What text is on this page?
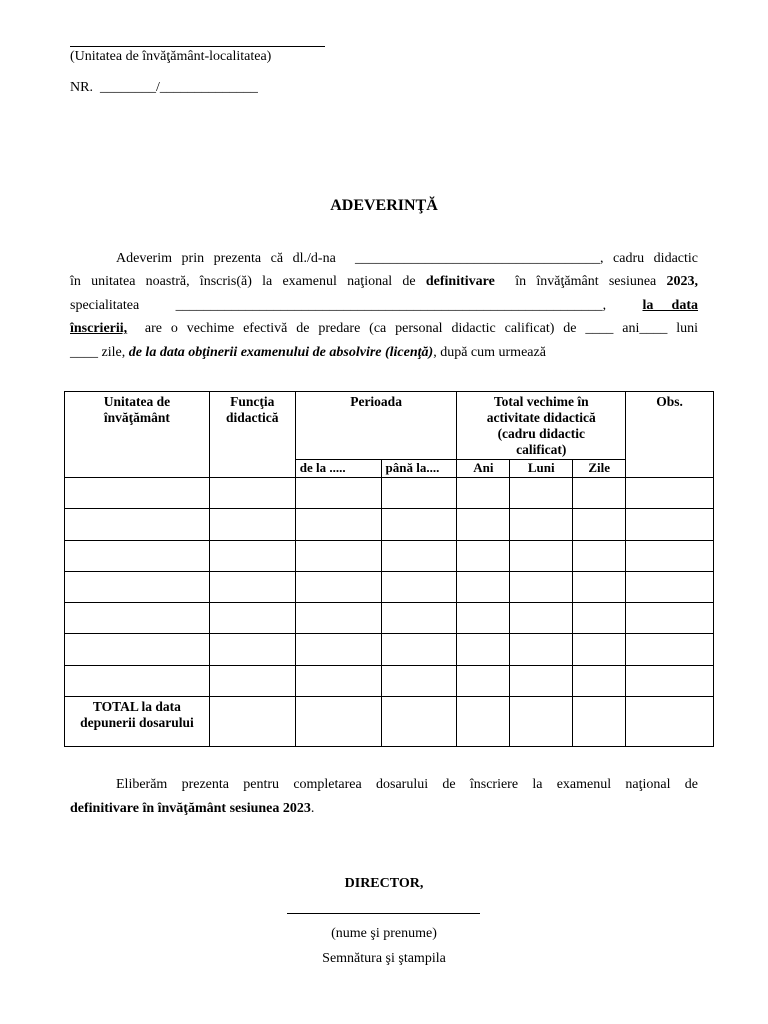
(Unitatea de învăţământ-localitatea)
NR. ________/______________
ADEVERINŢĂ

Adeverim prin prezenta că dl./d-na ___________________________________, cadru didactic

în unitatea noastră, înscris(ă) la examenul naţional de definitivare în învăţământ sesiunea 2023,

specialitatea	_____________________________________________________________,	la data

înscrierii, are o vechime efectivă de predare (ca personal didactic calificat) de ____ ani____ luni

____ zile, de la data obţinerii examenului de absolvire (licenţă), după cum urmează

Unitatea de învăţământ	Funcţia didactică	Perioada		Total vechime în activitate didactică (cadru didactic calificat)			Obs.
		de la .....	până la....	Ani	Luni	Zile	

TOTAL la data depunerii dosarului							

Eliberăm prezenta pentru completarea dosarului de înscriere la examenul naţional de

definitivare în învăţământ sesiunea 2023.

DIRECTOR,
(nume şi prenume)
Semnătura şi ştampila
